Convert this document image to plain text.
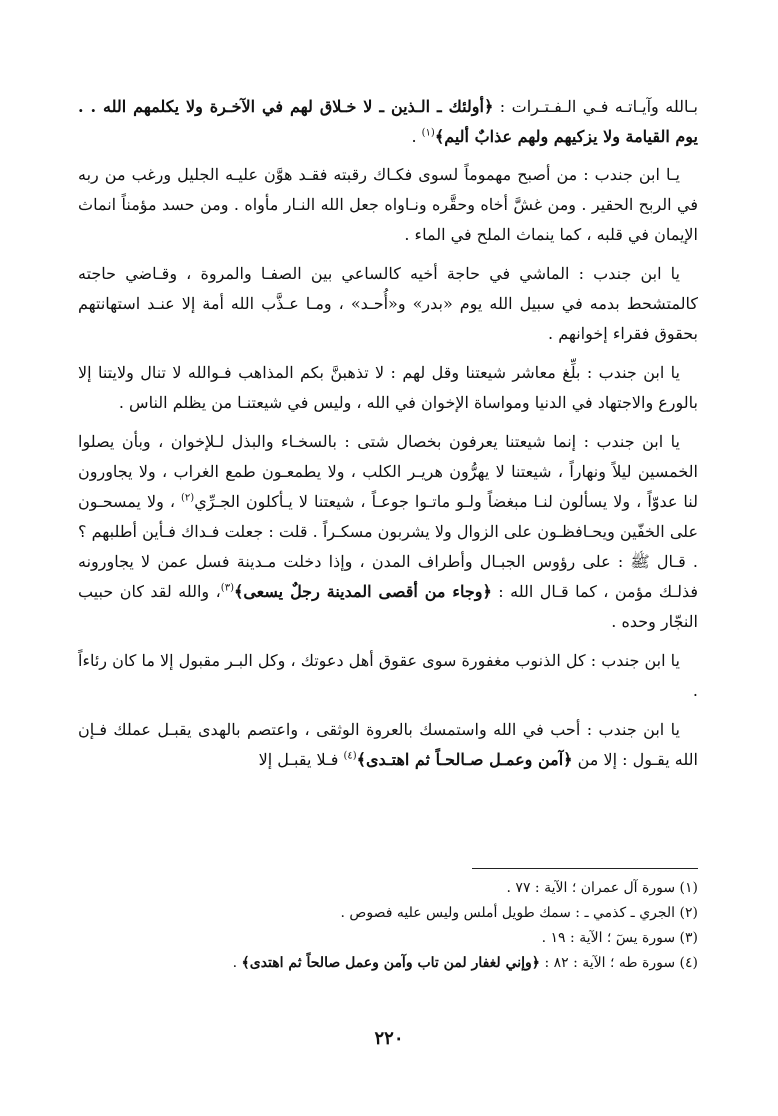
بـالله وآيـاتـه فـي الـفـتـرات : ﴿أولئك ـ الـذين ـ لا خـلاق لهم في الآخـرة ولا يكلمهم الله . . يوم القيامة ولا يزكيهم ولهم عذابٌ أليم﴾$^{(١)}$ .

يـا ابن جندب : من أصبح مهموماً لسوى فكـاك رقبته فقـد هوَّن عليـه الجليل ورغب من ربه في الربح الحقير . ومن غشَّ أخاه وحقَّره ونـاواه جعل الله النـار مأواه . ومن حسد مؤمناً انماث الإيمان في قلبه ، كما ينماث الملح في الماء .

يا ابن جندب : الماشي في حاجة أخيه كالساعي بين الصفـا والمروة ، وقـاضي حاجته كالمتشحط بدمه في سبيل الله يوم «بدر» و«أُحـد» ، ومـا عـذَّب الله أمة إلا عنـد استهانتهم بحقوق فقراء إخوانهم .

يا ابن جندب : بلِّغ معاشر شيعتنا وقل لهم : لا تذهبنَّ بكم المذاهب فـوالله لا تنال ولايتنا إلا بالورع والاجتهاد في الدنيا ومواساة الإخوان في الله ، وليس في شيعتنـا من يظلم الناس .

يا ابن جندب : إنما شيعتنا يعرفون بخصال شتى : بالسخـاء والبذل لـلإخوان ، وبأن يصلوا الخمسين ليلاً ونهاراً ، شيعتنا لا يهرُّون هريـر الكلب ، ولا يطمعـون طمع الغراب ، ولا يجاورون لنا عدوّاً ، ولا يسألون لنـا مبغضاً ولـو ماتـوا جوعـاً ، شيعتنا لا يـأكلون الجـرِّي$^{(٢)}$ ، ولا يمسحـون على الخفّين ويحـافظـون على الزوال ولا يشربون مسكـراً . قلت : جعلت فـداك فـأين أطلبهم ؟ . قـال ﷺ : على رؤوس الجبـال وأطراف المدن ، وإذا دخلت مـدينة فسل عمن لا يجاورونه فذلـك مؤمن ، كما قـال الله : ﴿وجاء من أقصى المدينة رجلٌ يسعى﴾$^{(٣)}$، والله لقد كان حبيب النجّار وحده .

يا ابن جندب : كل الذنوب مغفورة سوى عقوق أهل دعوتك ، وكل البـر مقبول إلا ما كان رئاءاً .

يا ابن جندب : أحب في الله واستمسك بالعروة الوثقى ، واعتصم بالهدى يقبـل عملك فـإن الله يقـول : إلا من ﴿آمن وعمـل صـالحـاً ثم اهتـدى﴾$^{(٤)}$ فـلا يقبـل إلا

(١) سورة آل عمران ؛ الآية : ٧٧ .

(٢) الجري ـ كذمي ـ : سمك طويل أملس وليس عليه فصوص .

(٣) سورة يسٓ ؛ الآية : ١٩ .

(٤) سورة طه ؛ الآية : ٨٢ : ﴿وإني لغفار لمن تاب وآمن وعمل صالحاً ثم اهتدى﴾ .

٢٢٠
